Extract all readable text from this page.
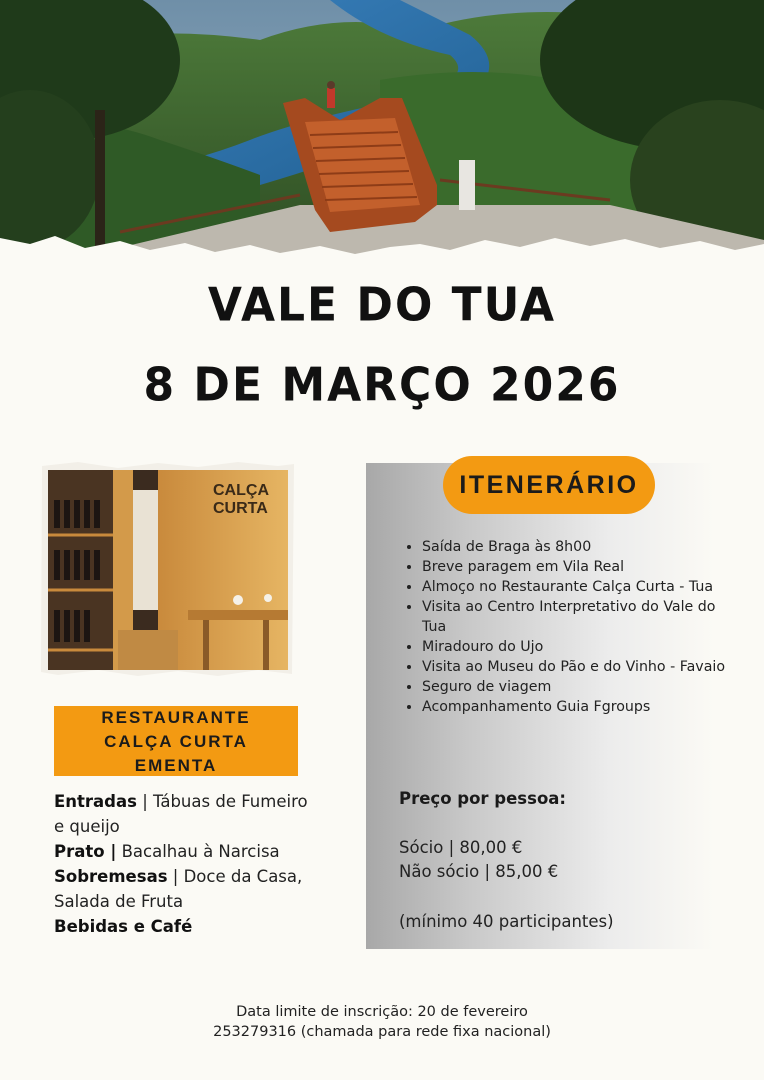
VALE DO TUA
8 DE MARÇO 2026
CALÇA
CURTA
RESTAURANTE
CALÇA CURTA
EMENTA

Entradas | Tábuas de Fumeiro e queijo

Prato | Bacalhau à Narcisa

Sobremesas | Doce da Casa, Salada de Fruta

Bebidas e Café

ITENERÁRIO
• Saída de Braga às 8h00
• Breve paragem em Vila Real
• Almoço no Restaurante Calça Curta - Tua
• Visita ao Centro Interpretativo do Vale do Tua
• Miradouro do Ujo
• Visita ao Museu do Pão e do Vinho - Favaio
• Seguro de viagem
• Acompanhamento Guia Fgroups
Preço por pessoa:
Sócio | 80,00 €
Não sócio | 85,00 €
(mínimo 40 participantes)
Data limite de inscrição: 20 de fevereiro
253279316 (chamada para rede fixa nacional)
